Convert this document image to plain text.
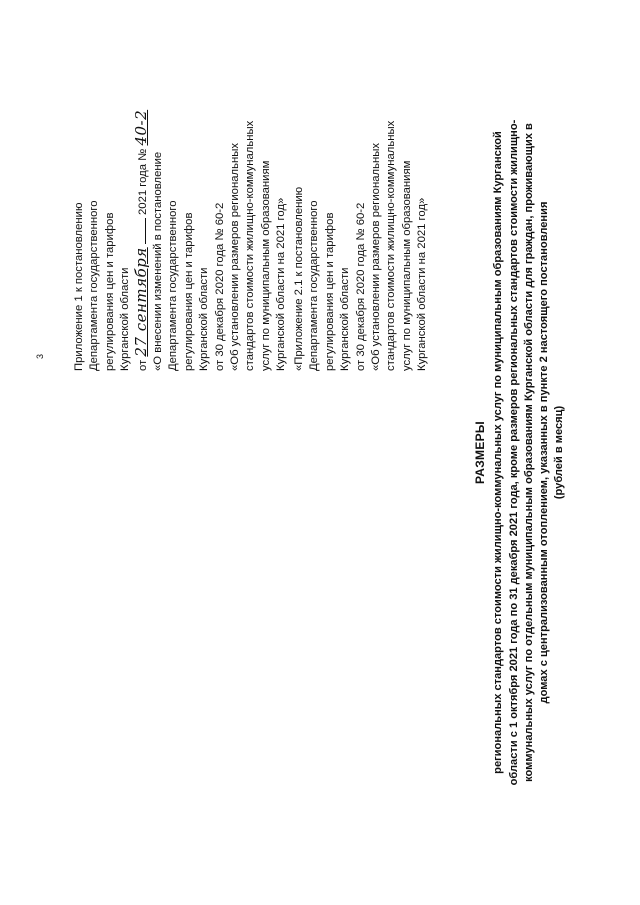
3 Приложение 1 к постановлению Департамента государственного регулирования цен и тарифов Курганской области от 27 сентября  2021 года № 40-2
«О внесении изменений в постановление Департамента государственного регулирования цен и тарифов Курганской области от 30 декабря 2020 года № 60-2 «Об установлении размеров региональных стандартов стоимости жилищно-коммунальных услуг по муниципальным образованиям Курганской области на 2021 год» «Приложение 2.1 к постановлению Департамента государственного регулирования цен и тарифов Курганской области от 30 декабря 2020 года № 60-2 «Об установлении размеров региональных стандартов стоимости жилищно-коммунальных услуг по муниципальным образованиям Курганской области на 2021 год»
РАЗМЕРЫ региональных стандартов стоимости жилищно-коммунальных услуг по муниципальным образованиям Курганской области с 1 октября 2021 года по 31 декабря 2021 года, кроме размеров региональных стандартов стоимости жилищно- коммунальных услуг по отдельным муниципальным образованиям Курганской области для граждан, проживающих в домах с централизованным отоплением, указанных в пункте 2 настоящего постановления (рублей в месяц)
